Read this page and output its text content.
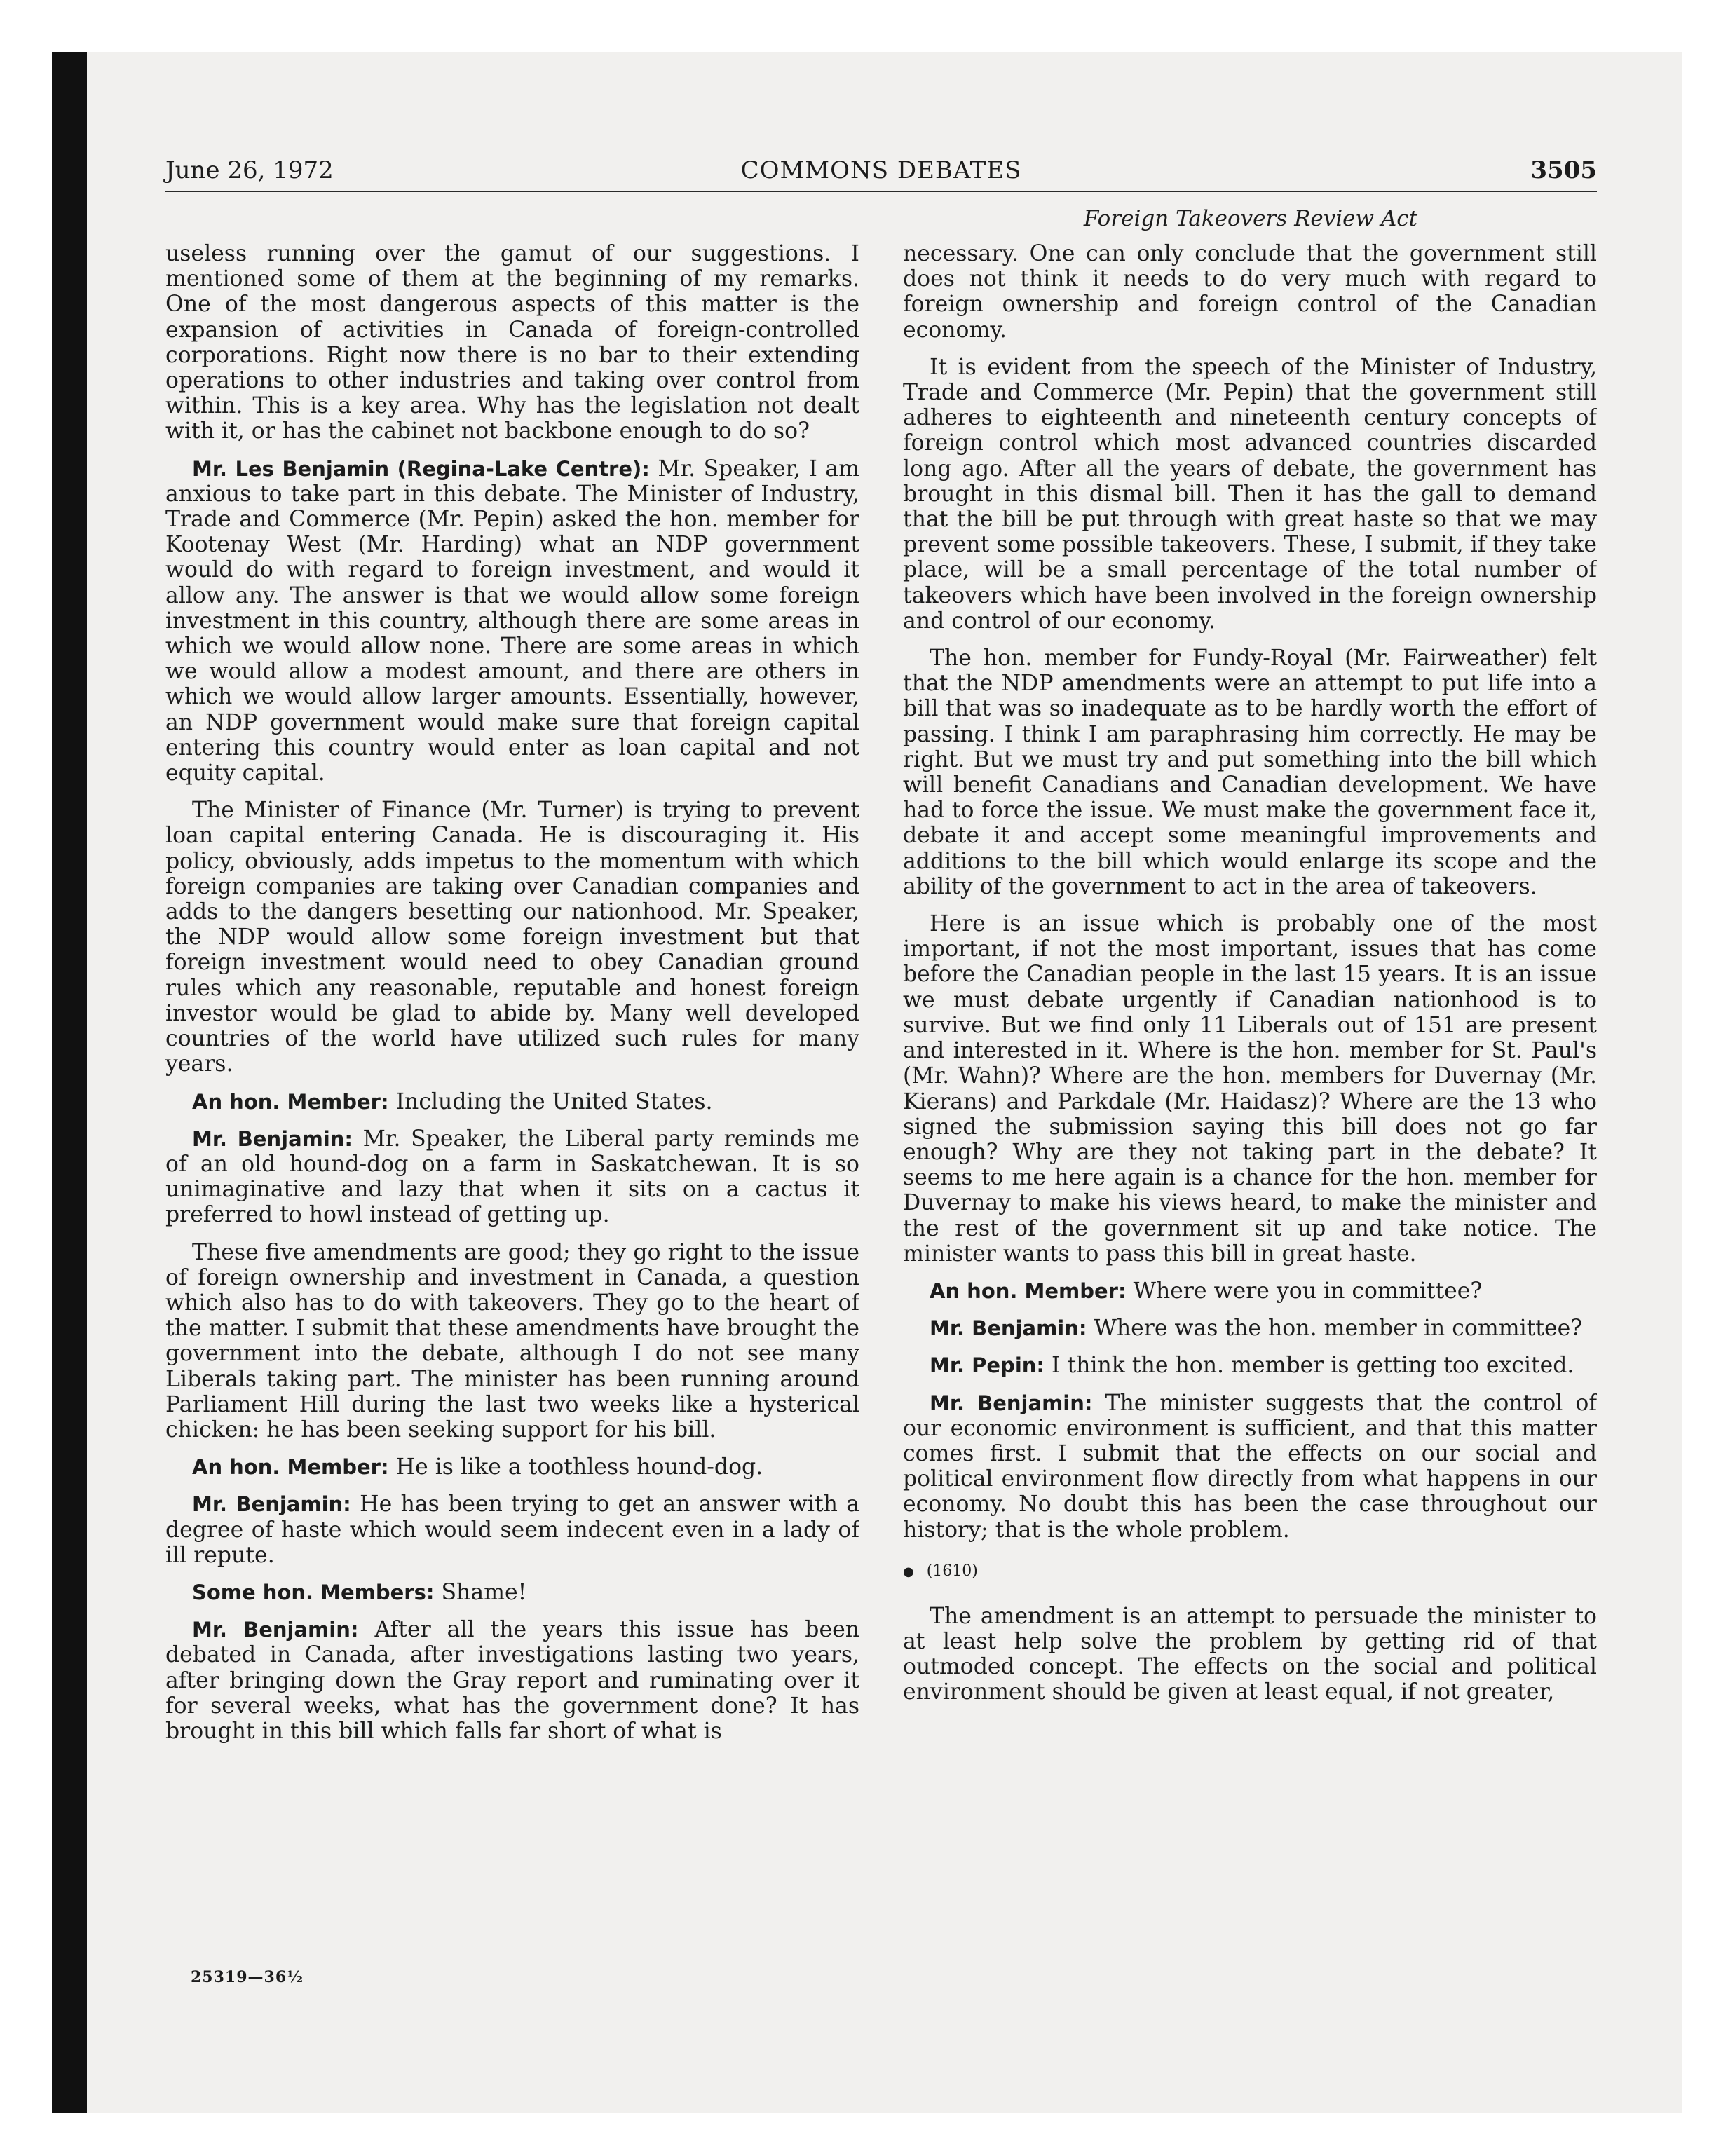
June 26, 1972	COMMONS DEBATES	3505
Foreign Takeovers Review Act

useless running over the gamut of our suggestions. I mentioned some of them at the beginning of my remarks. One of the most dangerous aspects of this matter is the expansion of activities in Canada of foreign-controlled corporations. Right now there is no bar to their extending operations to other industries and taking over control from within. This is a key area. Why has the legislation not dealt with it, or has the cabinet not backbone enough to do so?

Mr. Les Benjamin (Regina-Lake Centre): Mr. Speaker, I am anxious to take part in this debate. The Minister of Industry, Trade and Commerce (Mr. Pepin) asked the hon. member for Kootenay West (Mr. Harding) what an NDP government would do with regard to foreign investment, and would it allow any. The answer is that we would allow some foreign investment in this country, although there are some areas in which we would allow none. There are some areas in which we would allow a modest amount, and there are others in which we would allow larger amounts. Essentially, however, an NDP government would make sure that foreign capital entering this country would enter as loan capital and not equity capital.

The Minister of Finance (Mr. Turner) is trying to prevent loan capital entering Canada. He is discouraging it. His policy, obviously, adds impetus to the momentum with which foreign companies are taking over Canadian companies and adds to the dangers besetting our nationhood. Mr. Speaker, the NDP would allow some foreign investment but that foreign investment would need to obey Canadian ground rules which any reasonable, reputable and honest foreign investor would be glad to abide by. Many well developed countries of the world have utilized such rules for many years.

An hon. Member: Including the United States.

Mr. Benjamin: Mr. Speaker, the Liberal party reminds me of an old hound-dog on a farm in Saskatchewan. It is so unimaginative and lazy that when it sits on a cactus it preferred to howl instead of getting up.

These five amendments are good; they go right to the issue of foreign ownership and investment in Canada, a question which also has to do with takeovers. They go to the heart of the matter. I submit that these amendments have brought the government into the debate, although I do not see many Liberals taking part. The minister has been running around Parliament Hill during the last two weeks like a hysterical chicken: he has been seeking support for his bill.

An hon. Member: He is like a toothless hound-dog.

Mr. Benjamin: He has been trying to get an answer with a degree of haste which would seem indecent even in a lady of ill repute.

Some hon. Members: Shame!

Mr. Benjamin: After all the years this issue has been debated in Canada, after investigations lasting two years, after bringing down the Gray report and ruminating over it for several weeks, what has the government done? It has brought in this bill which falls far short of what is

necessary. One can only conclude that the government still does not think it needs to do very much with regard to foreign ownership and foreign control of the Canadian economy.

It is evident from the speech of the Minister of Industry, Trade and Commerce (Mr. Pepin) that the government still adheres to eighteenth and nineteenth century concepts of foreign control which most advanced countries discarded long ago. After all the years of debate, the government has brought in this dismal bill. Then it has the gall to demand that the bill be put through with great haste so that we may prevent some possible takeovers. These, I submit, if they take place, will be a small percentage of the total number of takeovers which have been involved in the foreign ownership and control of our economy.

The hon. member for Fundy-Royal (Mr. Fairweather) felt that the NDP amendments were an attempt to put life into a bill that was so inadequate as to be hardly worth the effort of passing. I think I am paraphrasing him correctly. He may be right. But we must try and put something into the bill which will benefit Canadians and Canadian development. We have had to force the issue. We must make the government face it, debate it and accept some meaningful improvements and additions to the bill which would enlarge its scope and the ability of the government to act in the area of takeovers.

Here is an issue which is probably one of the most important, if not the most important, issues that has come before the Canadian people in the last 15 years. It is an issue we must debate urgently if Canadian nationhood is to survive. But we find only 11 Liberals out of 151 are present and interested in it. Where is the hon. member for St. Paul's (Mr. Wahn)? Where are the hon. members for Duvernay (Mr. Kierans) and Parkdale (Mr. Haidasz)? Where are the 13 who signed the submission saying this bill does not go far enough? Why are they not taking part in the debate? It seems to me here again is a chance for the hon. member for Duvernay to make his views heard, to make the minister and the rest of the government sit up and take notice. The minister wants to pass this bill in great haste.

An hon. Member: Where were you in committee?

Mr. Benjamin: Where was the hon. member in committee?

Mr. Pepin: I think the hon. member is getting too excited.

Mr. Benjamin: The minister suggests that the control of our economic environment is sufficient, and that this matter comes first. I submit that the effects on our social and political environment flow directly from what happens in our economy. No doubt this has been the case throughout our history; that is the whole problem.

● (1610)

The amendment is an attempt to persuade the minister to at least help solve the problem by getting rid of that outmoded concept. The effects on the social and political environment should be given at least equal, if not greater,

25319—36½
